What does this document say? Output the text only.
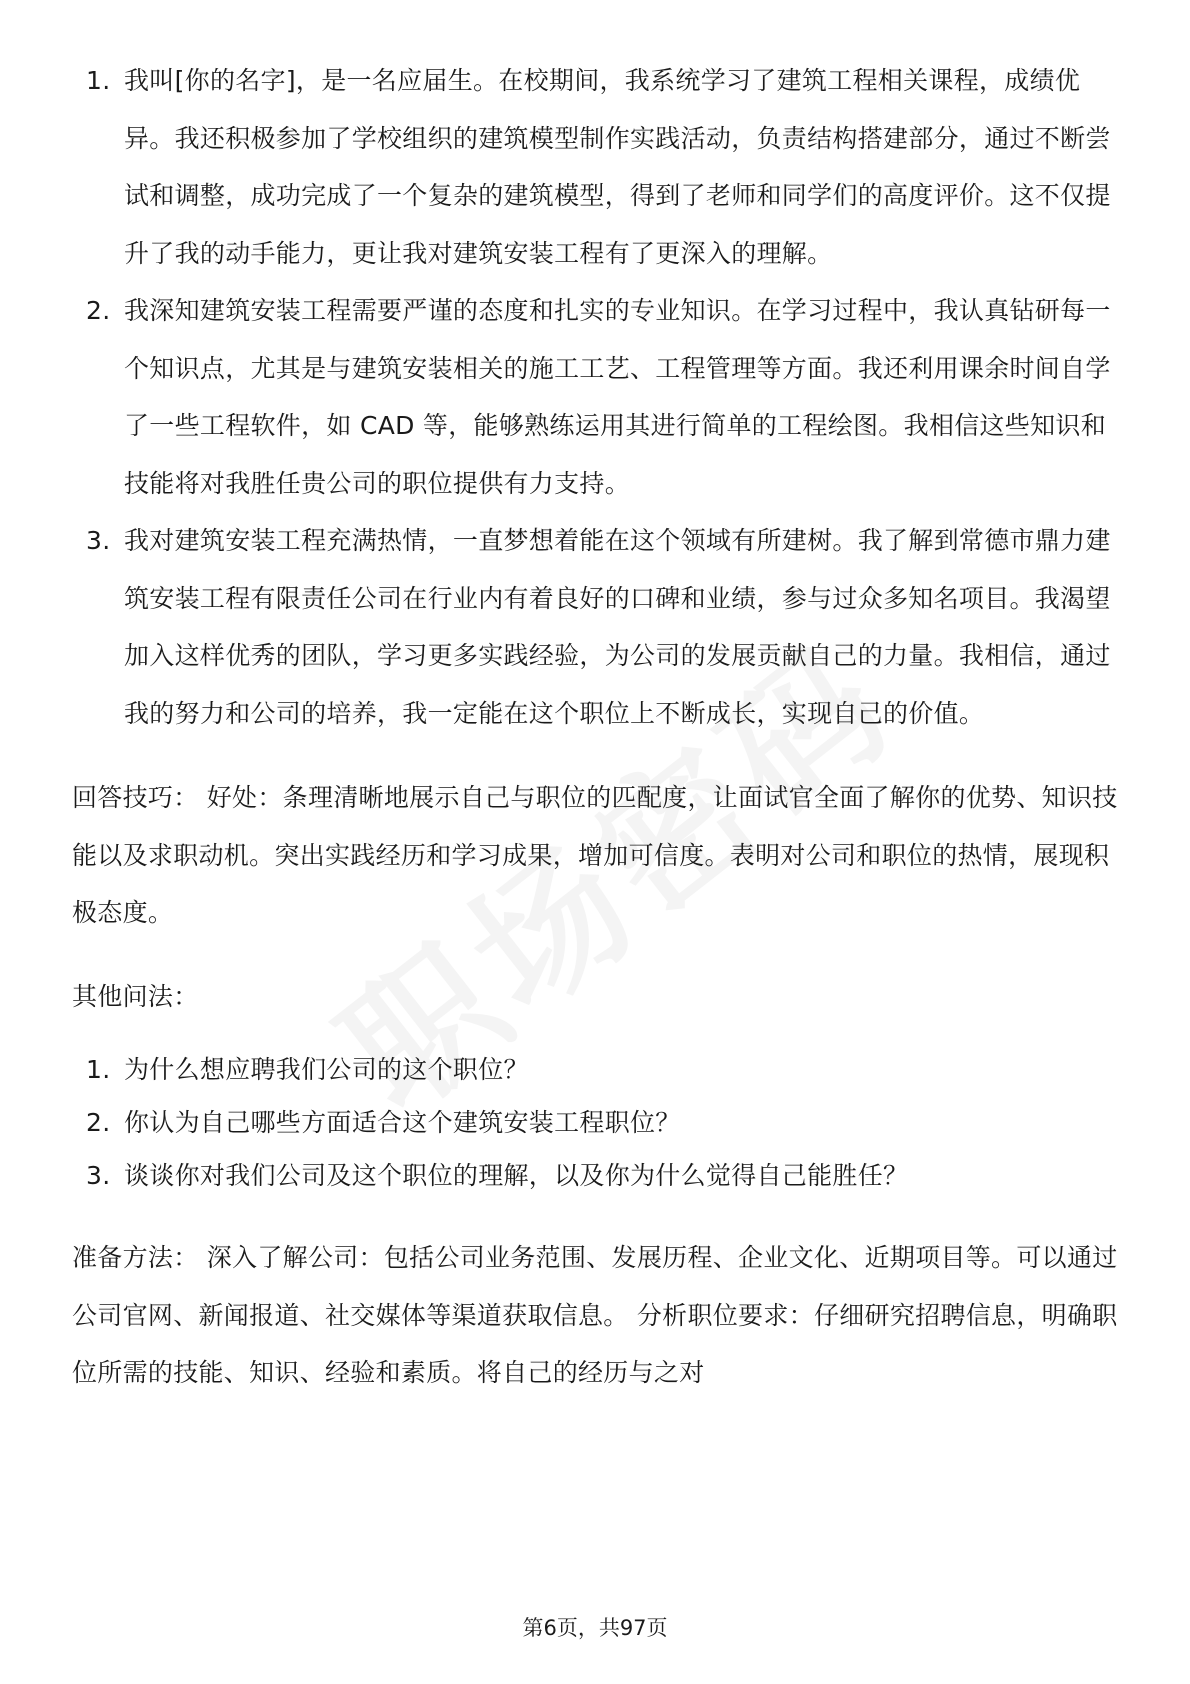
1. 我叫[你的名字]，是一名应届生。在校期间，我系统学习了建筑工程相关课程，成绩优异。我还积极参加了学校组织的建筑模型制作实践活动，负责结构搭建部分，通过不断尝试和调整，成功完成了一个复杂的建筑模型，得到了老师和同学们的高度评价。这不仅提升了我的动手能力，更让我对建筑安装工程有了更深入的理解。
2. 我深知建筑安装工程需要严谨的态度和扎实的专业知识。在学习过程中，我认真钻研每一个知识点，尤其是与建筑安装相关的施工工艺、工程管理等方面。我还利用课余时间自学了一些工程软件，如 CAD 等，能够熟练运用其进行简单的工程绘图。我相信这些知识和技能将对我胜任贵公司的职位提供有力支持。
3. 我对建筑安装工程充满热情，一直梦想着能在这个领域有所建树。我了解到常德市鼎力建筑安装工程有限责任公司在行业内有着良好的口碑和业绩，参与过众多知名项目。我渴望加入这样优秀的团队，学习更多实践经验，为公司的发展贡献自己的力量。我相信，通过我的努力和公司的培养，我一定能在这个职位上不断成长，实现自己的价值。

回答技巧： 好处：条理清晰地展示自己与职位的匹配度，让面试官全面了解你的优势、知识技能以及求职动机。突出实践经历和学习成果，增加可信度。表明对公司和职位的热情，展现积极态度。

其他问法：

1. 为什么想应聘我们公司的这个职位？
2. 你认为自己哪些方面适合这个建筑安装工程职位？
3. 谈谈你对我们公司及这个职位的理解，以及你为什么觉得自己能胜任？

准备方法： 深入了解公司：包括公司业务范围、发展历程、企业文化、近期项目等。可以通过公司官网、新闻报道、社交媒体等渠道获取信息。 分析职位要求：仔细研究招聘信息，明确职位所需的技能、知识、经验和素质。将自己的经历与之对

第6页，共97页
